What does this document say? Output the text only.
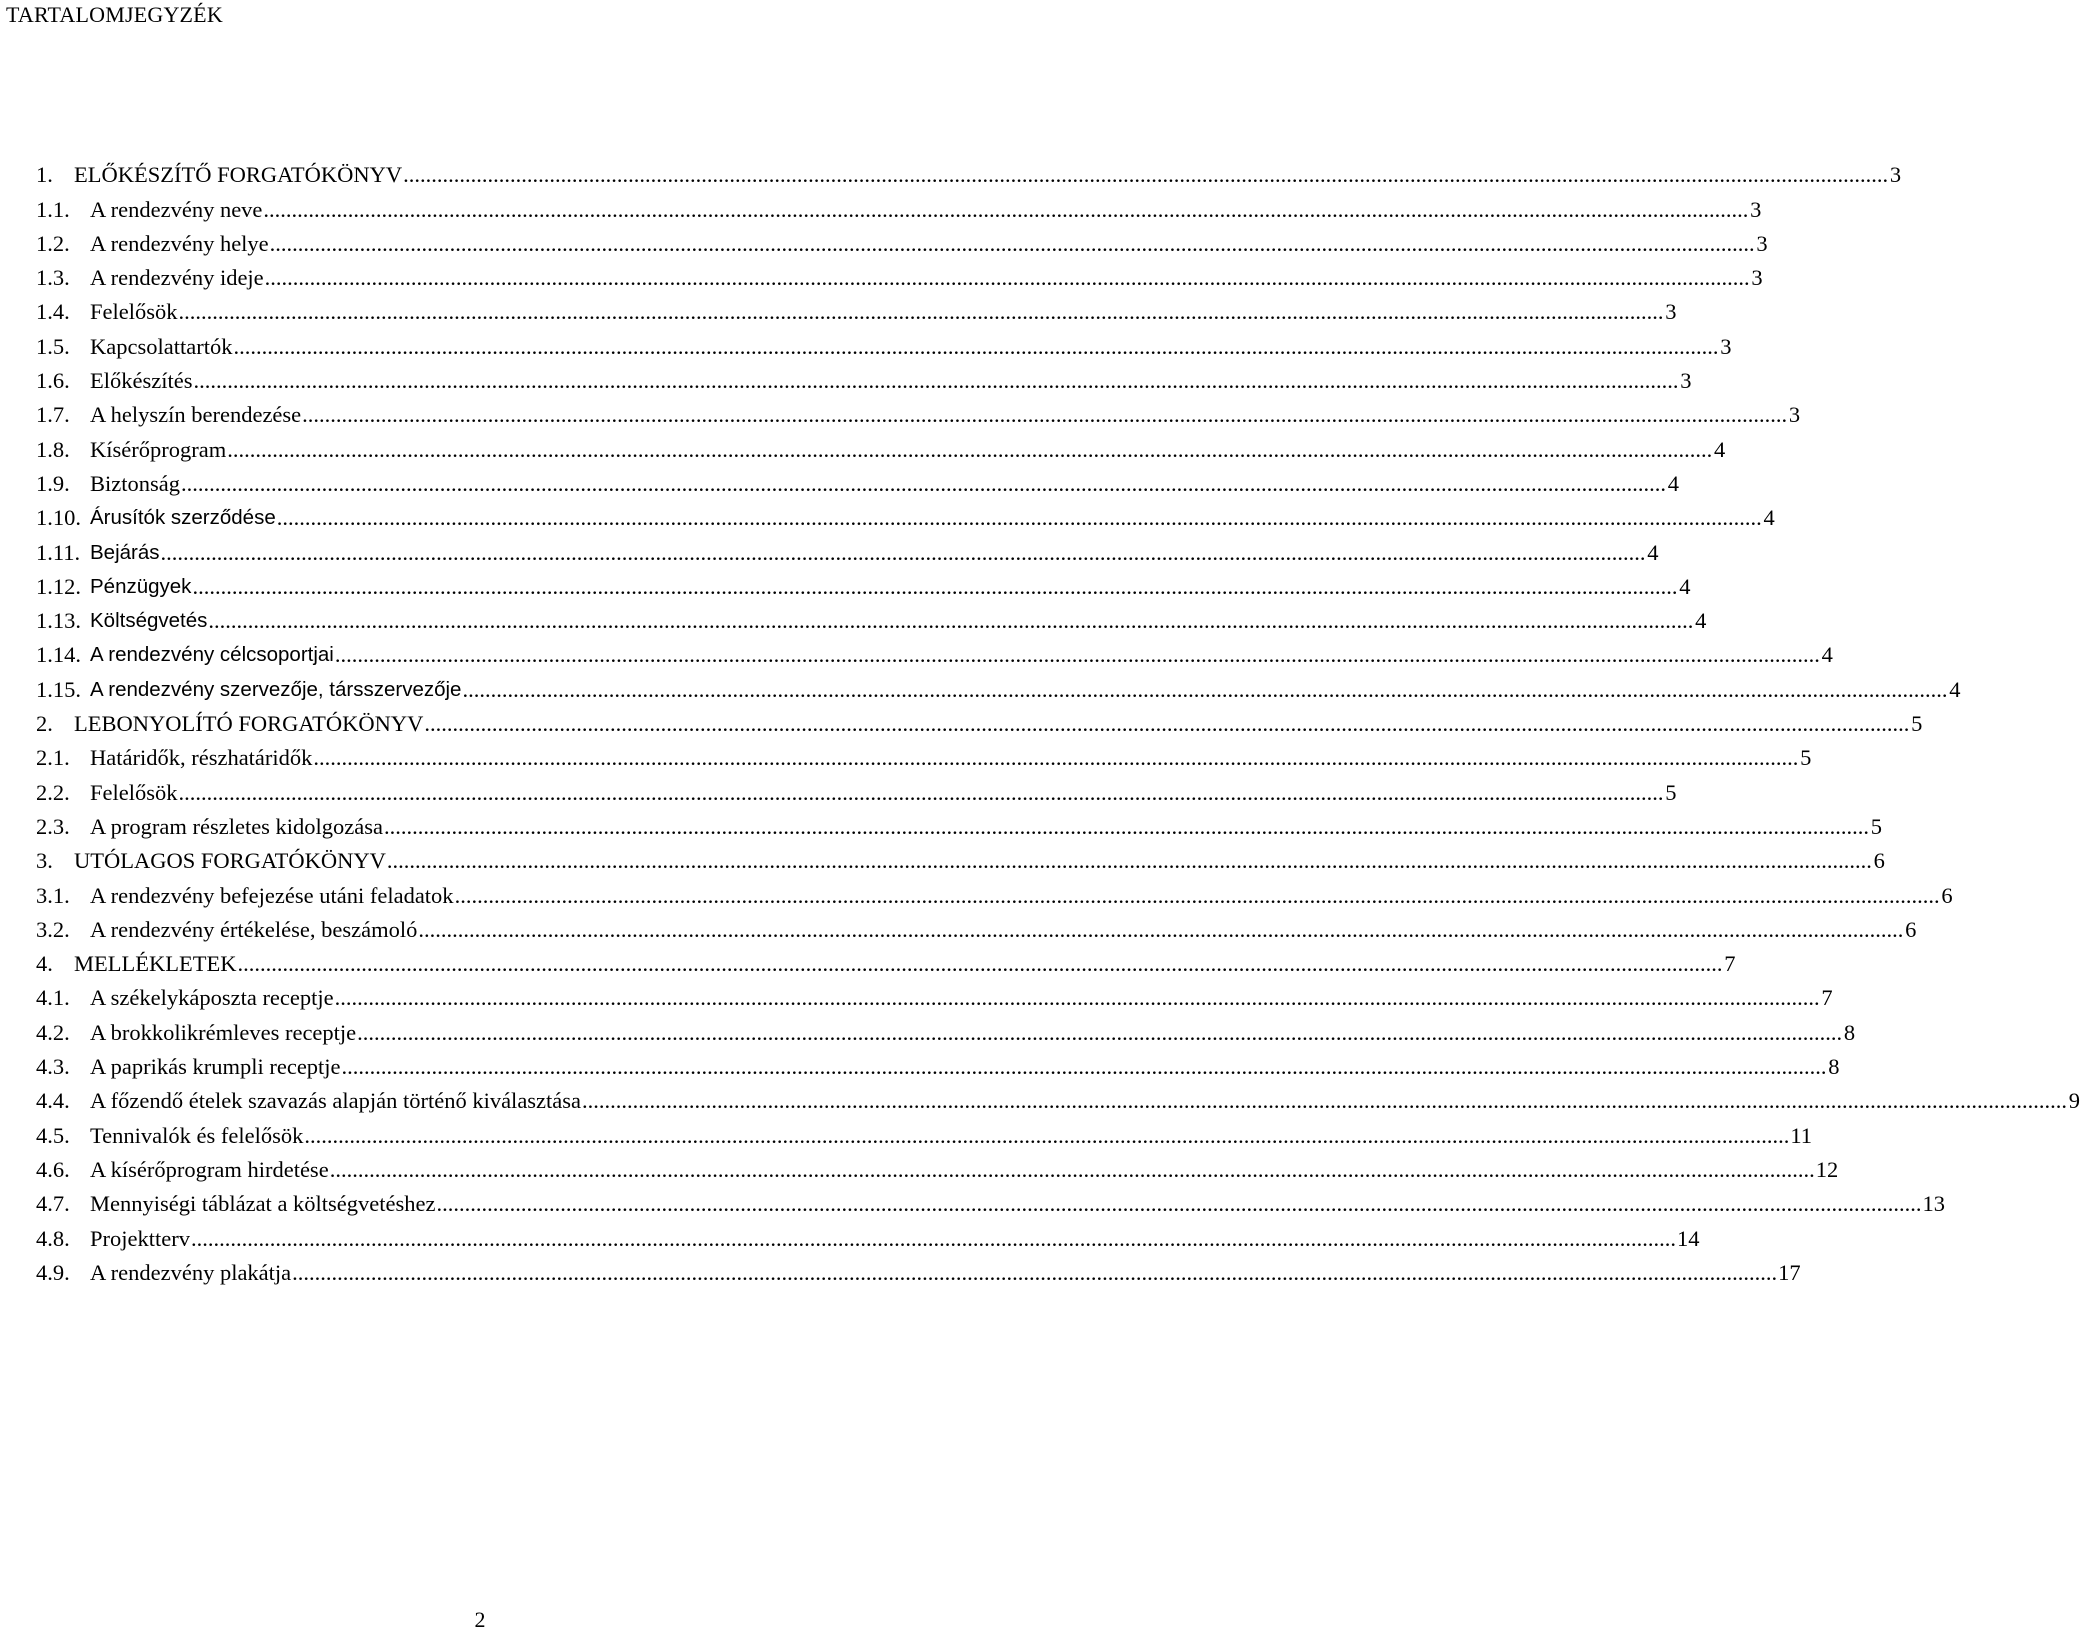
TARTALOMJEGYZÉK
1. ELŐKÉSZÍTŐ FORGATÓKÖNYV .....	3
1.1. A rendezvény neve .....	3
1.2. A rendezvény helye .....	3
1.3. A rendezvény ideje .....	3
1.4. Felelősök .....	3
1.5. Kapcsolattartók .....	3
1.6. Előkészítés .....	3
1.7. A helyszín berendezése .....	3
1.8. Kísérőprogram .....	4
1.9. Biztonság .....	4
1.10. Árusítók szerződése .....	4
1.11. Bejárás .....	4
1.12. Pénzügyek .....	4
1.13. Költségvetés .....	4
1.14. A rendezvény célcsoportjai .....	4
1.15. A rendezvény szervezője, társszervezője .....	4
2. LEBONYOLÍTÓ FORGATÓKÖNYV .....	5
2.1. Határidők, részhatáridők .....	5
2.2. Felelősök .....	5
2.3. A program részletes kidolgozása .....	5
3. UTÓLAGOS FORGATÓKÖNYV .....	6
3.1. A rendezvény befejezése utáni feladatok .....	6
3.2. A rendezvény értékelése, beszámoló .....	6
4. MELLÉKLETEK .....	7
4.1. A székelykáposzta receptje .....	7
4.2. A brokkolikrémleves receptje .....	8
4.3. A paprikás krumpli receptje .....	8
4.4. A főzendő ételek szavazás alapján történő kiválasztása .....	9
4.5. Tennivalók és felelősök .....	11
4.6. A kísérőprogram hirdetése .....	12
4.7. Mennyiségi táblázat a költségvetéshez .....	13
4.8. Projektterv .....	14
4.9. A rendezvény plakátja .....	17
2
